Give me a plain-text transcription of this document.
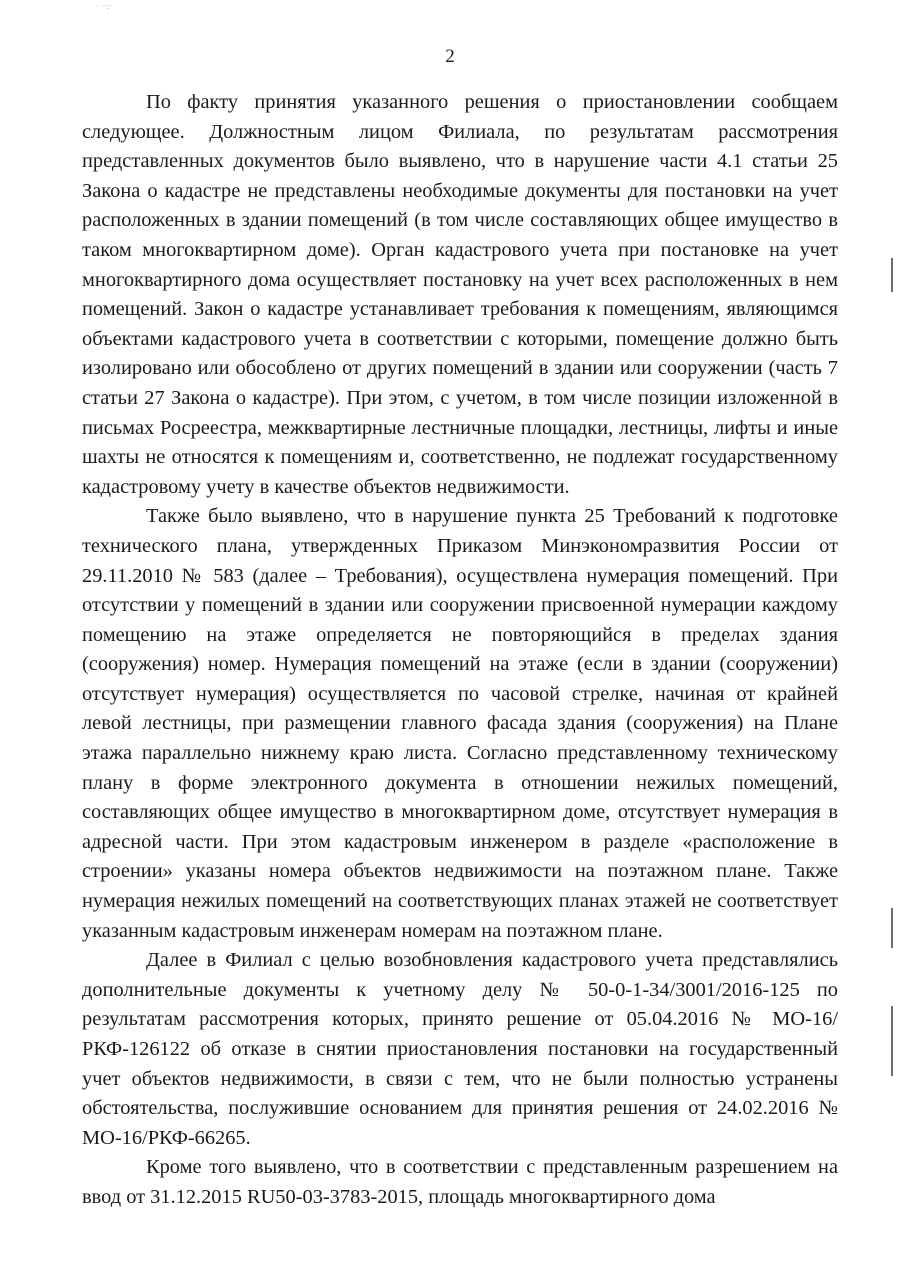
· ·:·
2

По факту принятия указанного решения о приостановлении сообщаем следующее. Должностным лицом Филиала, по результатам рассмотрения представленных документов было выявлено, что в нарушение части 4.1 статьи 25 Закона о кадастре не представлены необходимые документы для постановки на учет расположенных в здании помещений (в том числе составляющих общее имущество в таком многоквартирном доме). Орган кадастрового учета при постановке на учет многоквартирного дома осуществляет постановку на учет всех расположенных в нем помещений. Закон о кадастре устанавливает требования к помещениям, являющимся объектами кадастрового учета в соответствии с которыми, помещение должно быть изолировано или обособлено от других помещений в здании или сооружении (часть 7 статьи 27 Закона о кадастре). При этом, с учетом, в том числе позиции изложенной в письмах Росреестра, межквартирные лестничные площадки, лестницы, лифты и иные шахты не относятся к помещениям и, соответственно, не подлежат государственному кадастровому учету в качестве объектов недвижимости.

Также было выявлено, что в нарушение пункта 25 Требований к подготовке технического плана, утвержденных Приказом Минэкономразвития России от 29.11.2010 № 583 (далее – Требования), осуществлена нумерация помещений. При отсутствии у помещений в здании или сооружении присвоенной нумерации каждому помещению на этаже определяется не повторяющийся в пределах здания (сооружения) номер. Нумерация помещений на этаже (если в здании (сооружении) отсутствует нумерация) осуществляется по часовой стрелке, начиная от крайней левой лестницы, при размещении главного фасада здания (сооружения) на Плане этажа параллельно нижнему краю листа. Согласно представленному техническому плану в форме электронного документа в отношении нежилых помещений, составляющих общее имущество в многоквартирном доме, отсутствует нумерация в адресной части. При этом кадастровым инженером в разделе «расположение в строении» указаны номера объектов недвижимости на поэтажном плане. Также нумерация нежилых помещений на соответствующих планах этажей не соответствует указанным кадастровым инженерам номерам на поэтажном плане.

Далее в Филиал с целью возобновления кадастрового учета представлялись дополнительные документы к учетному делу № 50-0-1-34/3001/2016-125 по результатам рассмотрения которых, принято решение от 05.04.2016 № МО-16/РКФ-126122 об отказе в снятии приостановления постановки на государственный учет объектов недвижимости, в связи с тем, что не были полностью устранены обстоятельства, послужившие основанием для принятия решения от 24.02.2016 № МО-16/РКФ-66265.

Кроме того выявлено, что в соответствии с представленным разрешением на ввод от 31.12.2015 RU50-03-3783-2015, площадь многоквартирного дома
